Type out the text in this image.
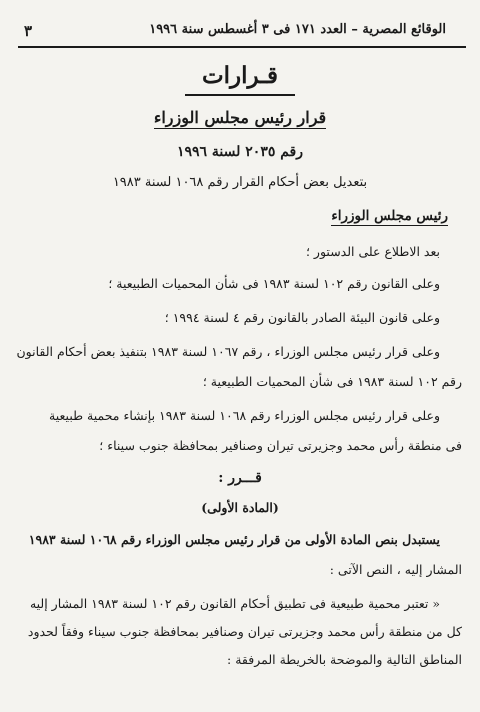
٣	الوقائع المصرية – العدد ١٧١ فى ٣ أغسطس سنة ١٩٩٦
قـرارات
قرار رئيس مجلس الوزراء
رقم ٢٠٣٥ لسنة ١٩٩٦
بتعديل بعض أحكام القرار رقم ١٠٦٨ لسنة ١٩٨٣
رئيس مجلس الوزراء
بعد الاطلاع على الدستور ؛
وعلى القانون رقم ١٠٢ لسنة ١٩٨٣ فى شأن المحميات الطبيعية ؛
وعلى قانون البيئة الصادر بالقانون رقم ٤ لسنة ١٩٩٤ ؛
وعلى قرار رئيس مجلس الوزراء ، رقم ١٠٦٧ لسنة ١٩٨٣ بتنفيذ بعض أحكام القانون
رقم ١٠٢ لسنة ١٩٨٣ فى شأن المحميات الطبيعية ؛
وعلى قرار رئيس مجلس الوزراء رقم ١٠٦٨ لسنة ١٩٨٣ بإنشاء محمية طبيعية
فى منطقة رأس محمد وجزيرتى تيران وصنافير بمحافظة جنوب سيناء ؛
قـــرر :
(المادة الأولى)
يستبدل بنص المادة الأولى من قرار رئيس مجلس الوزراء رقم ١٠٦٨ لسنة ١٩٨٣
المشار إليه ، النص الآتى :
« تعتبر محمية طبيعية فى تطبيق أحكام القانون رقم ١٠٢ لسنة ١٩٨٣ المشار إليه
كل من منطقة رأس محمد وجزيرتى تيران وصنافير بمحافظة جنوب سيناء وفقاً لحدود
المناطق التالية والموضحة بالخريطة المرفقة :
